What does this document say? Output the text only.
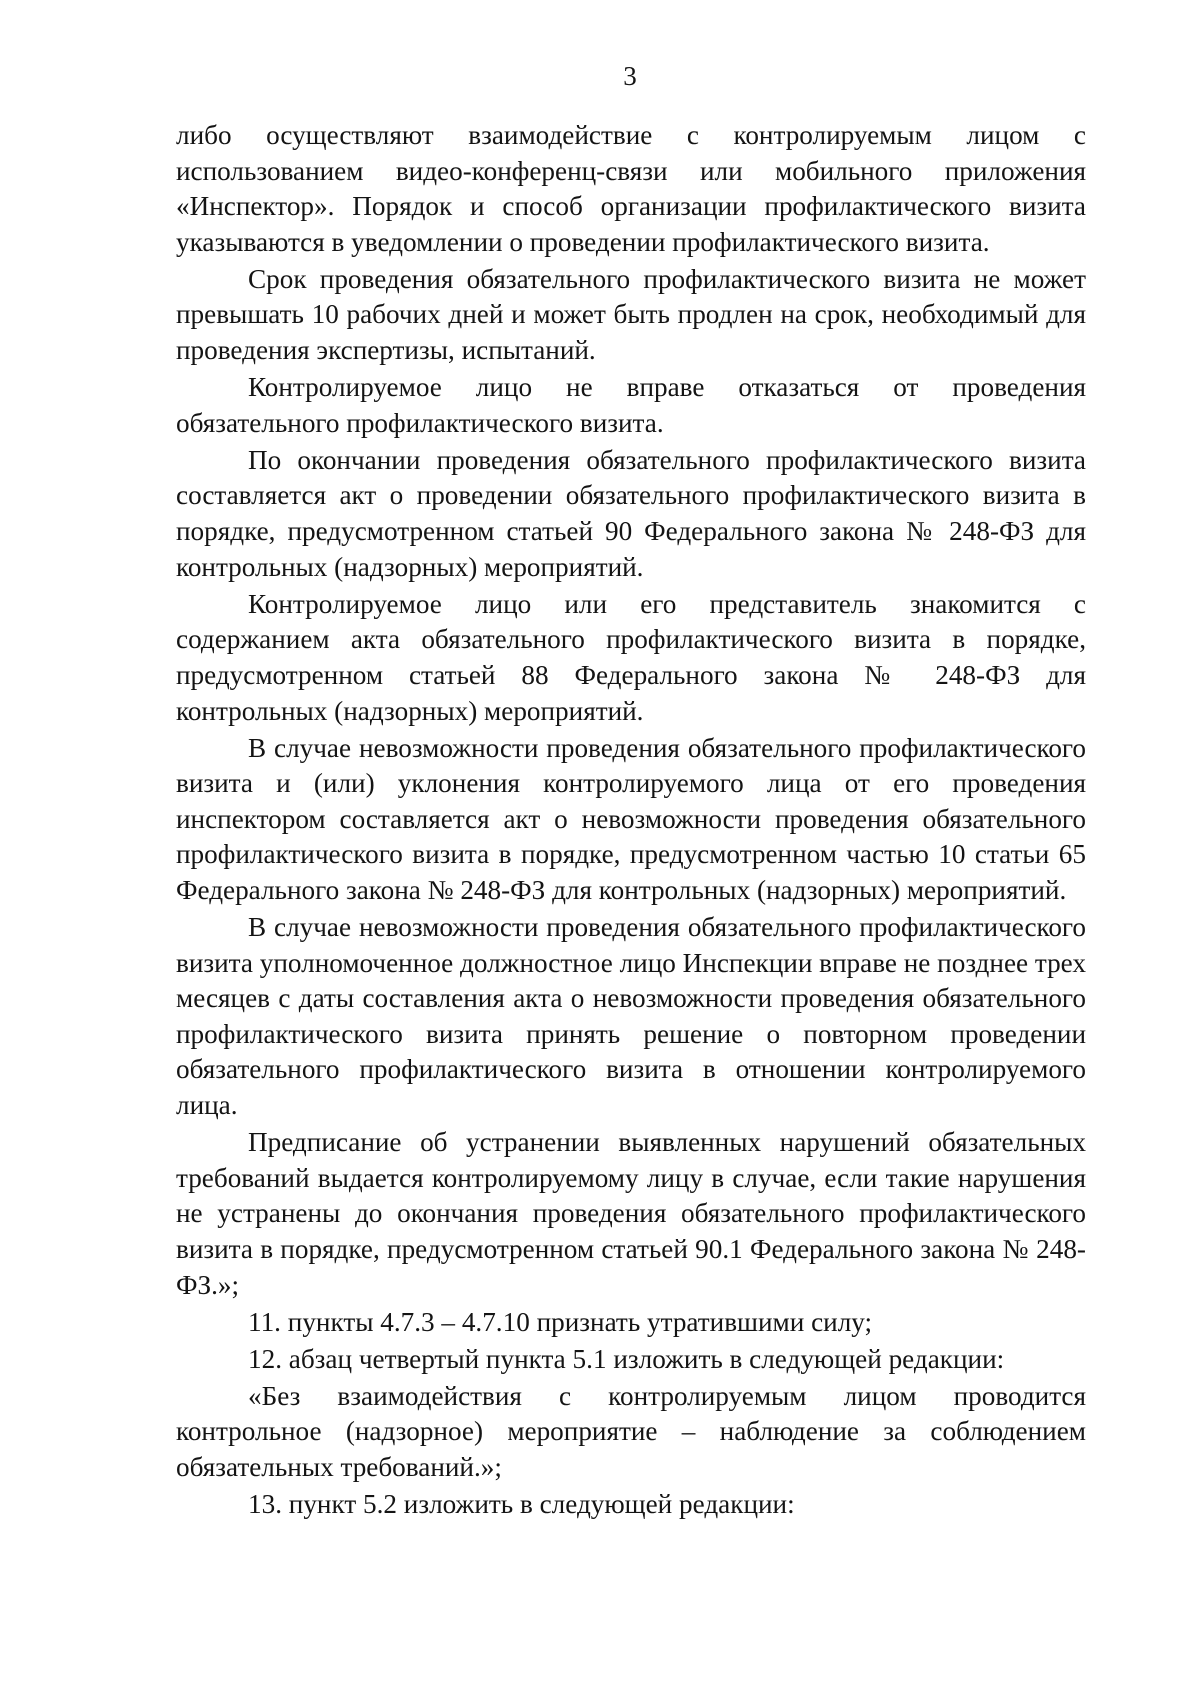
3

либо осуществляют взаимодействие с контролируемым лицом с использованием видео-конференц-связи или мобильного приложения «Инспектор». Порядок и способ организации профилактического визита указываются в уведомлении о проведении профилактического визита.

Срок проведения обязательного профилактического визита не может превышать 10 рабочих дней и может быть продлен на срок, необходимый для проведения экспертизы, испытаний.

Контролируемое лицо не вправе отказаться от проведения обязательного профилактического визита.

По окончании проведения обязательного профилактического визита составляется акт о проведении обязательного профилактического визита в порядке, предусмотренном статьей 90 Федерального закона № 248-ФЗ для контрольных (надзорных) мероприятий.

Контролируемое лицо или его представитель знакомится с содержанием акта обязательного профилактического визита в порядке, предусмотренном статьей 88 Федерального закона № 248-ФЗ для контрольных (надзорных) мероприятий.

В случае невозможности проведения обязательного профилактического визита и (или) уклонения контролируемого лица от его проведения инспектором составляется акт о невозможности проведения обязательного профилактического визита в порядке, предусмотренном частью 10 статьи 65 Федерального закона № 248-ФЗ для контрольных (надзорных) мероприятий.

В случае невозможности проведения обязательного профилактического визита уполномоченное должностное лицо Инспекции вправе не позднее трех месяцев с даты составления акта о невозможности проведения обязательного профилактического визита принять решение о повторном проведении обязательного профилактического визита в отношении контролируемого лица.

Предписание об устранении выявленных нарушений обязательных требований выдается контролируемому лицу в случае, если такие нарушения не устранены до окончания проведения обязательного профилактического визита в порядке, предусмотренном статьей 90.1 Федерального закона № 248-ФЗ.»;

11. пункты 4.7.3 – 4.7.10 признать утратившими силу;

12. абзац четвертый пункта 5.1 изложить в следующей редакции:

«Без взаимодействия с контролируемым лицом проводится контрольное (надзорное) мероприятие – наблюдение за соблюдением обязательных требований.»;

13. пункт 5.2 изложить в следующей редакции:
